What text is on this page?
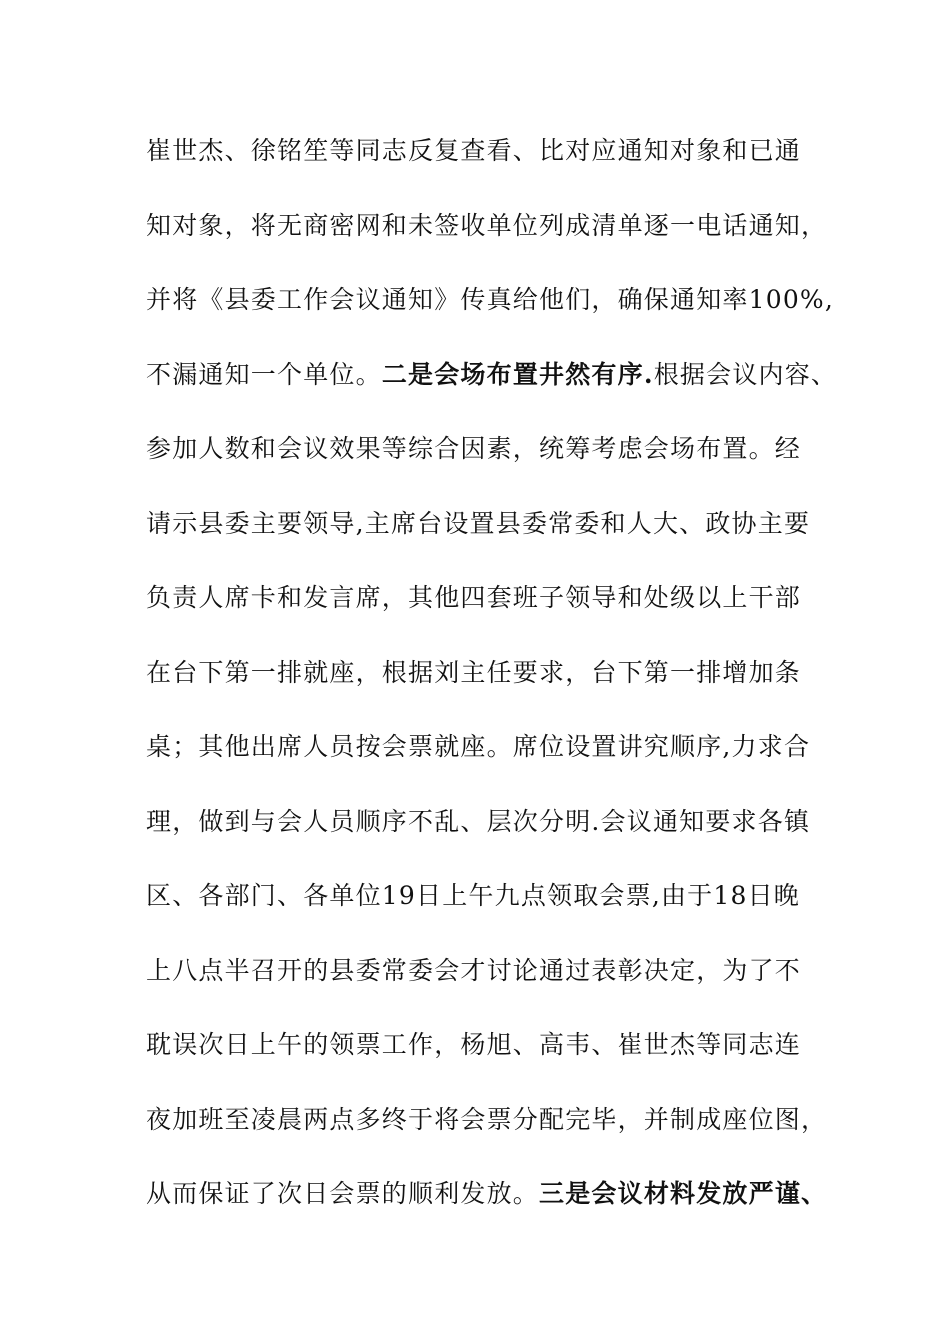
崔世杰、徐铭笙等同志反复查看、比对应通知对象和已通
知对象，将无商密网和未签收单位列成清单逐一电话通知，
并将《县委工作会议通知》传真给他们，确保通知率100%,
不漏通知一个单位。二是会场布置井然有序.根据会议内容、
参加人数和会议效果等综合因素，统筹考虑会场布置。经
请示县委主要领导,主席台设置县委常委和人大、政协主要
负责人席卡和发言席，其他四套班子领导和处级以上干部
在台下第一排就座，根据刘主任要求，台下第一排增加条
桌；其他出席人员按会票就座。席位设置讲究顺序,力求合
理，做到与会人员顺序不乱、层次分明.会议通知要求各镇
区、各部门、各单位19日上午九点领取会票,由于18日晚
上八点半召开的县委常委会才讨论通过表彰决定，为了不
耽误次日上午的领票工作，杨旭、高韦、崔世杰等同志连
夜加班至凌晨两点多终于将会票分配完毕，并制成座位图，
从而保证了次日会票的顺利发放。三是会议材料发放严谨、
